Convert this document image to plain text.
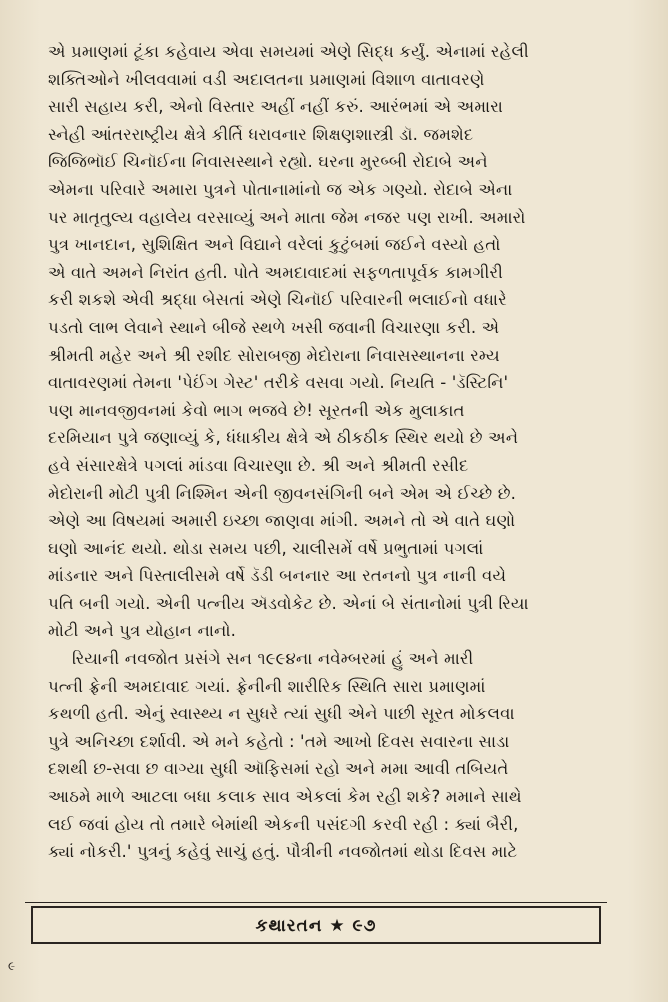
એ પ્રમાણમાં ટૂંકા કહેવાય એવા સમયમાં એણે સિદ્ધ કર્યું. એનામાં રહેલી
શક્તિઓને ખીલવવામાં વડી અદાલતના પ્રમાણમાં વિશાળ વાતાવરણે
સારી સહાય કરી, એનો વિસ્તાર અહીં નહીં કરું. આરંભમાં એ અમારા
સ્નેહી આંતરરાષ્ટ્રીય ક્ષેત્રે કીર્તિ ધરાવનાર શિક્ષણશાસ્ત્રી ડૉ. જમશેદ
જિજિભૉઈ ચિનૉઈના નિવાસસ્થાને રહ્યો. ઘરના મુરબ્બી રોદાબે અને
એમના પરિવારે અમારા પુત્રને પોતાનામાંનો જ એક ગણ્યો. રોદાબે એના
પર માતૃતુલ્ય વહાલેય વરસાવ્યું અને માતા જેમ નજર પણ રાખી. અમારો
પુત્ર ખાનદાન, સુશિક્ષિત અને વિદ્યાને વરેલાં કુટુંબમાં જઈને વસ્યો હતો
એ વાતે અમને નિરાંત હતી. પોતે અમદાવાદમાં સફળતાપૂર્વક કામગીરી
કરી શકશે એવી શ્રદ્ધા બેસતાં એણે ચિનૉઈ પરિવારની ભલાઈનો વધારે
પડતો લાભ લેવાને સ્થાને બીજે સ્થળે ખસી જવાની વિચારણા કરી. એ
શ્રીમતી મહેર અને શ્રી રશીદ સોરાબજી મેદોરાના નિવાસસ્થાનના રમ્ય
વાતાવરણમાં તેમના 'પેઈંગ ગેસ્ટ' તરીકે વસવા ગયો. નિયતિ - 'ડૅસ્ટિનિ'
પણ માનવજીવનમાં કેવો ભાગ ભજવે છે! સૂરતની એક મુલાકાત
દરમિયાન પુત્રે જણાવ્યું કે, ધંધાકીય ક્ષેત્રે એ ઠીકઠીક સ્થિર થયો છે અને
હવે સંસારક્ષેત્રે પગલાં માંડવા વિચારણા છે. શ્રી અને શ્રીમતી રસીદ
મેદોરાની મોટી પુત્રી નિશ્મિન એની જીવનસંગિની બને એમ એ ઈચ્છે છે.
એણે આ વિષયમાં અમારી ઇચ્છા જાણવા માંગી. અમને તો એ વાતે ઘણો
ઘણો આનંદ થયો. થોડા સમય પછી, ચાલીસમેં વર્ષે પ્રભુતામાં પગલાં
માંડનાર અને પિસ્તાલીસમે વર્ષે ડૅડી બનનાર આ રતનનો પુત્ર નાની વયે
પતિ બની ગયો. એની પત્નીય ઍડવોકેટ છે. એનાં બે સંતાનોમાં પુત્રી રિયા
મોટી અને પુત્ર યોહાન નાનો.
રિયાની નવજોત પ્રસંગે સન ૧૯૯૪ના નવેમ્બરમાં હું અને મારી
પત્ની ફ્રેની અમદાવાદ ગયાં. ફ્રેનીની શારીરિક સ્થિતિ સારા પ્રમાણમાં
કથળી હતી. એનું સ્વાસ્થ્ય ન સુધરે ત્યાં સુધી એને પાછી સૂરત મોકલવા
પુત્રે અનિચ્છા દર્શાવી. એ મને કહેતો : 'તમે આખો દિવસ સવારના સાડા
દશથી છ-સવા છ વાગ્યા સુધી ઑફિસમાં રહો અને મમા આવી તબિયતે
આઠમે માળે આટલા બધા કલાક સાવ એકલાં કેમ રહી શકે? મમાને સાથે
લઈ જવાં હોય તો તમારે બેમાંથી એકની પસંદગી કરવી રહી : ક્યાં બૈરી,
ક્યાં નોકરી.' પુત્રનું કહેવું સાચું હતું. પૌત્રીની નવજોતમાં થોડા દિવસ માટે
કથારતન ★ ૯૭
૯
